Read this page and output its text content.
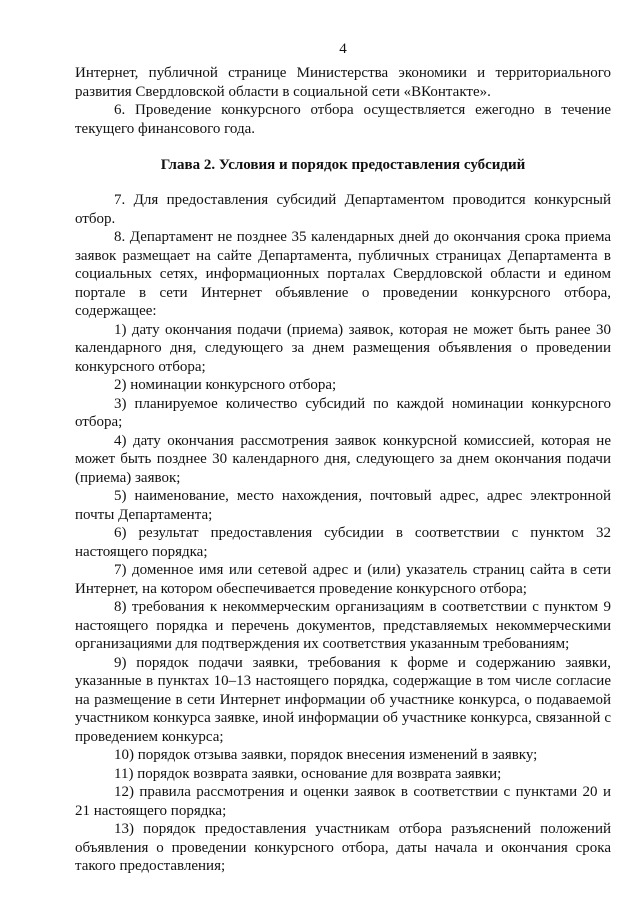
4

Интернет, публичной странице Министерства экономики и территориального развития Свердловской области в социальной сети «ВКонтакте».

6. Проведение конкурсного отбора осуществляется ежегодно в течение текущего финансового года.

Глава 2. Условия и порядок предоставления субсидий

7. Для предоставления субсидий Департаментом проводится конкурсный отбор.

8. Департамент не позднее 35 календарных дней до окончания срока приема заявок размещает на сайте Департамента, публичных страницах Департамента в социальных сетях, информационных порталах Свердловской области и едином портале в сети Интернет объявление о проведении конкурсного отбора, содержащее:

1) дату окончания подачи (приема) заявок, которая не может быть ранее 30 календарного дня, следующего за днем размещения объявления о проведении конкурсного отбора;

2) номинации конкурсного отбора;

3) планируемое количество субсидий по каждой номинации конкурсного отбора;

4) дату окончания рассмотрения заявок конкурсной комиссией, которая не может быть позднее 30 календарного дня, следующего за днем окончания подачи (приема) заявок;

5) наименование, место нахождения, почтовый адрес, адрес электронной почты Департамента;

6) результат предоставления субсидии в соответствии с пунктом 32 настоящего порядка;

7) доменное имя или сетевой адрес и (или) указатель страниц сайта в сети Интернет, на котором обеспечивается проведение конкурсного отбора;

8) требования к некоммерческим организациям в соответствии с пунктом 9 настоящего порядка и перечень документов, представляемых некоммерческими организациями для подтверждения их соответствия указанным требованиям;

9) порядок подачи заявки, требования к форме и содержанию заявки, указанные в пунктах 10–13 настоящего порядка, содержащие в том числе согласие на размещение в сети Интернет информации об участнике конкурса, о подаваемой участником конкурса заявке, иной информации об участнике конкурса, связанной с проведением конкурса;

10) порядок отзыва заявки, порядок внесения изменений в заявку;

11) порядок возврата заявки, основание для возврата заявки;

12) правила рассмотрения и оценки заявок в соответствии с пунктами 20 и 21 настоящего порядка;

13) порядок предоставления участникам отбора разъяснений положений объявления о проведении конкурсного отбора, даты начала и окончания срока такого предоставления;
